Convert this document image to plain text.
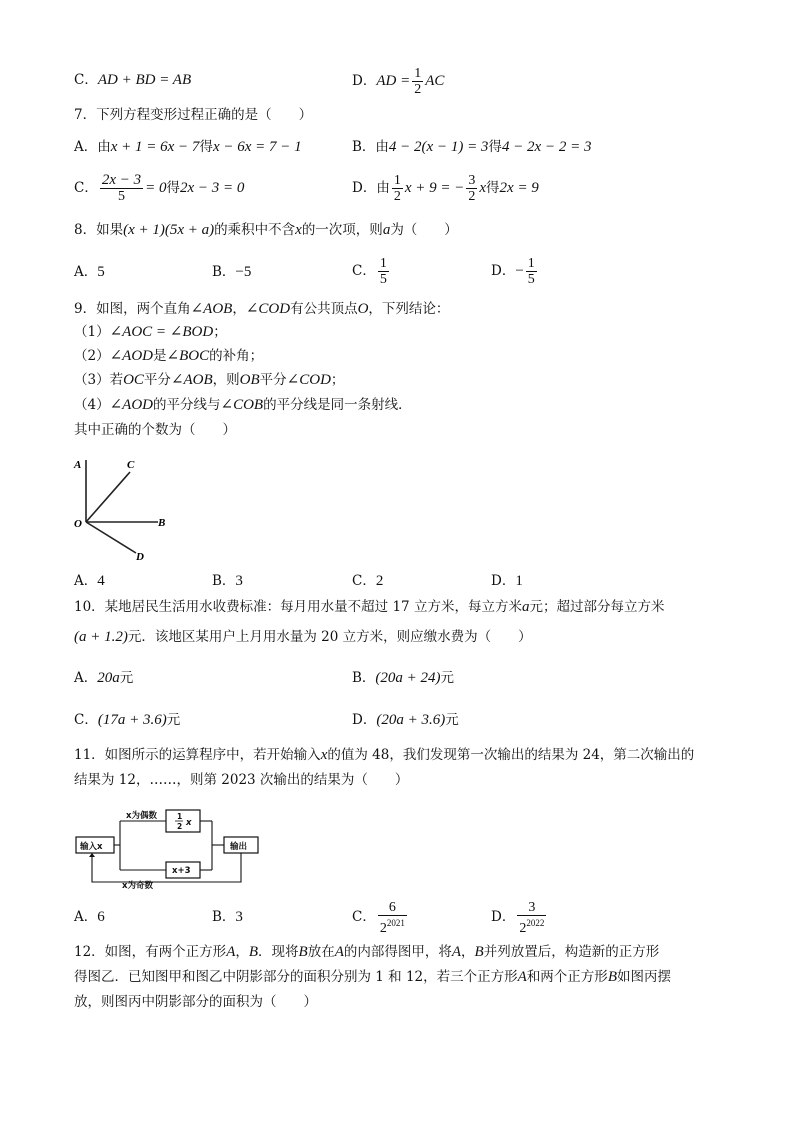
C．AD + BD = AB	D．AD = $\frac{1}{2}$ AC
7．下列方程变形过程正确的是（　　）
A．由x + 1 = 6x − 7得x − 6x = 7 − 1	B．由4 − 2(x − 1) = 3得4 − 2x − 2 = 3
C． $\frac{2x - 3}{5} = 0$得2x − 3 = 0	D．由 $\frac{1}{2}$ x + 9 = − $\frac{3}{2}$ x得2x = 9
8．如果(x + 1)(5x + a)的乘积中不含x的一次项，则a为（　　）
A．5	B．−5	C． $\frac{1}{5}$	D．− $\frac{1}{5}$
9．如图，两个直角∠AOB，∠COD有公共顶点O，下列结论：
（1）∠AOC = ∠BOD；
（2）∠AOD是∠BOC的补角；
（3）若OC平分∠AOB，则OB平分∠COD；
（4）∠AOD的平分线与∠COB的平分线是同一条射线．
其中正确的个数为（　　）
A	C
O	B
D
A．4	B．3	C．2	D．1
10．某地居民生活用水收费标准：每月用水量不超过 17 立方米，每立方米a元；超过部分每立方米
(a + 1.2)元．该地区某用户上月用水量为 20 立方米，则应缴水费为（　　）
A．20a元	B．(20a + 24)元
C．(17a + 3.6)元	D．(20a + 3.6)元
11．如图所示的运算程序中，若开始输入x的值为 48，我们发现第一次输出的结果为 24，第二次输出的
结果为 12，……，则第 2023 次输出的结果为（　　）
输入x
1
2 x
x为偶数
x+3
x为奇数
输出
A．6	B．3	C． $\frac{6}{2^{2021}}$	D． $\frac{3}{2^{2022}}$
12．如图，有两个正方形A，B．现将B放在A的内部得图甲，将A，B并列放置后，构造新的正方形
得图乙．已知图甲和图乙中阴影部分的面积分别为 1 和 12，若三个正方形A和两个正方形B如图丙摆
放，则图丙中阴影部分的面积为（　　）
